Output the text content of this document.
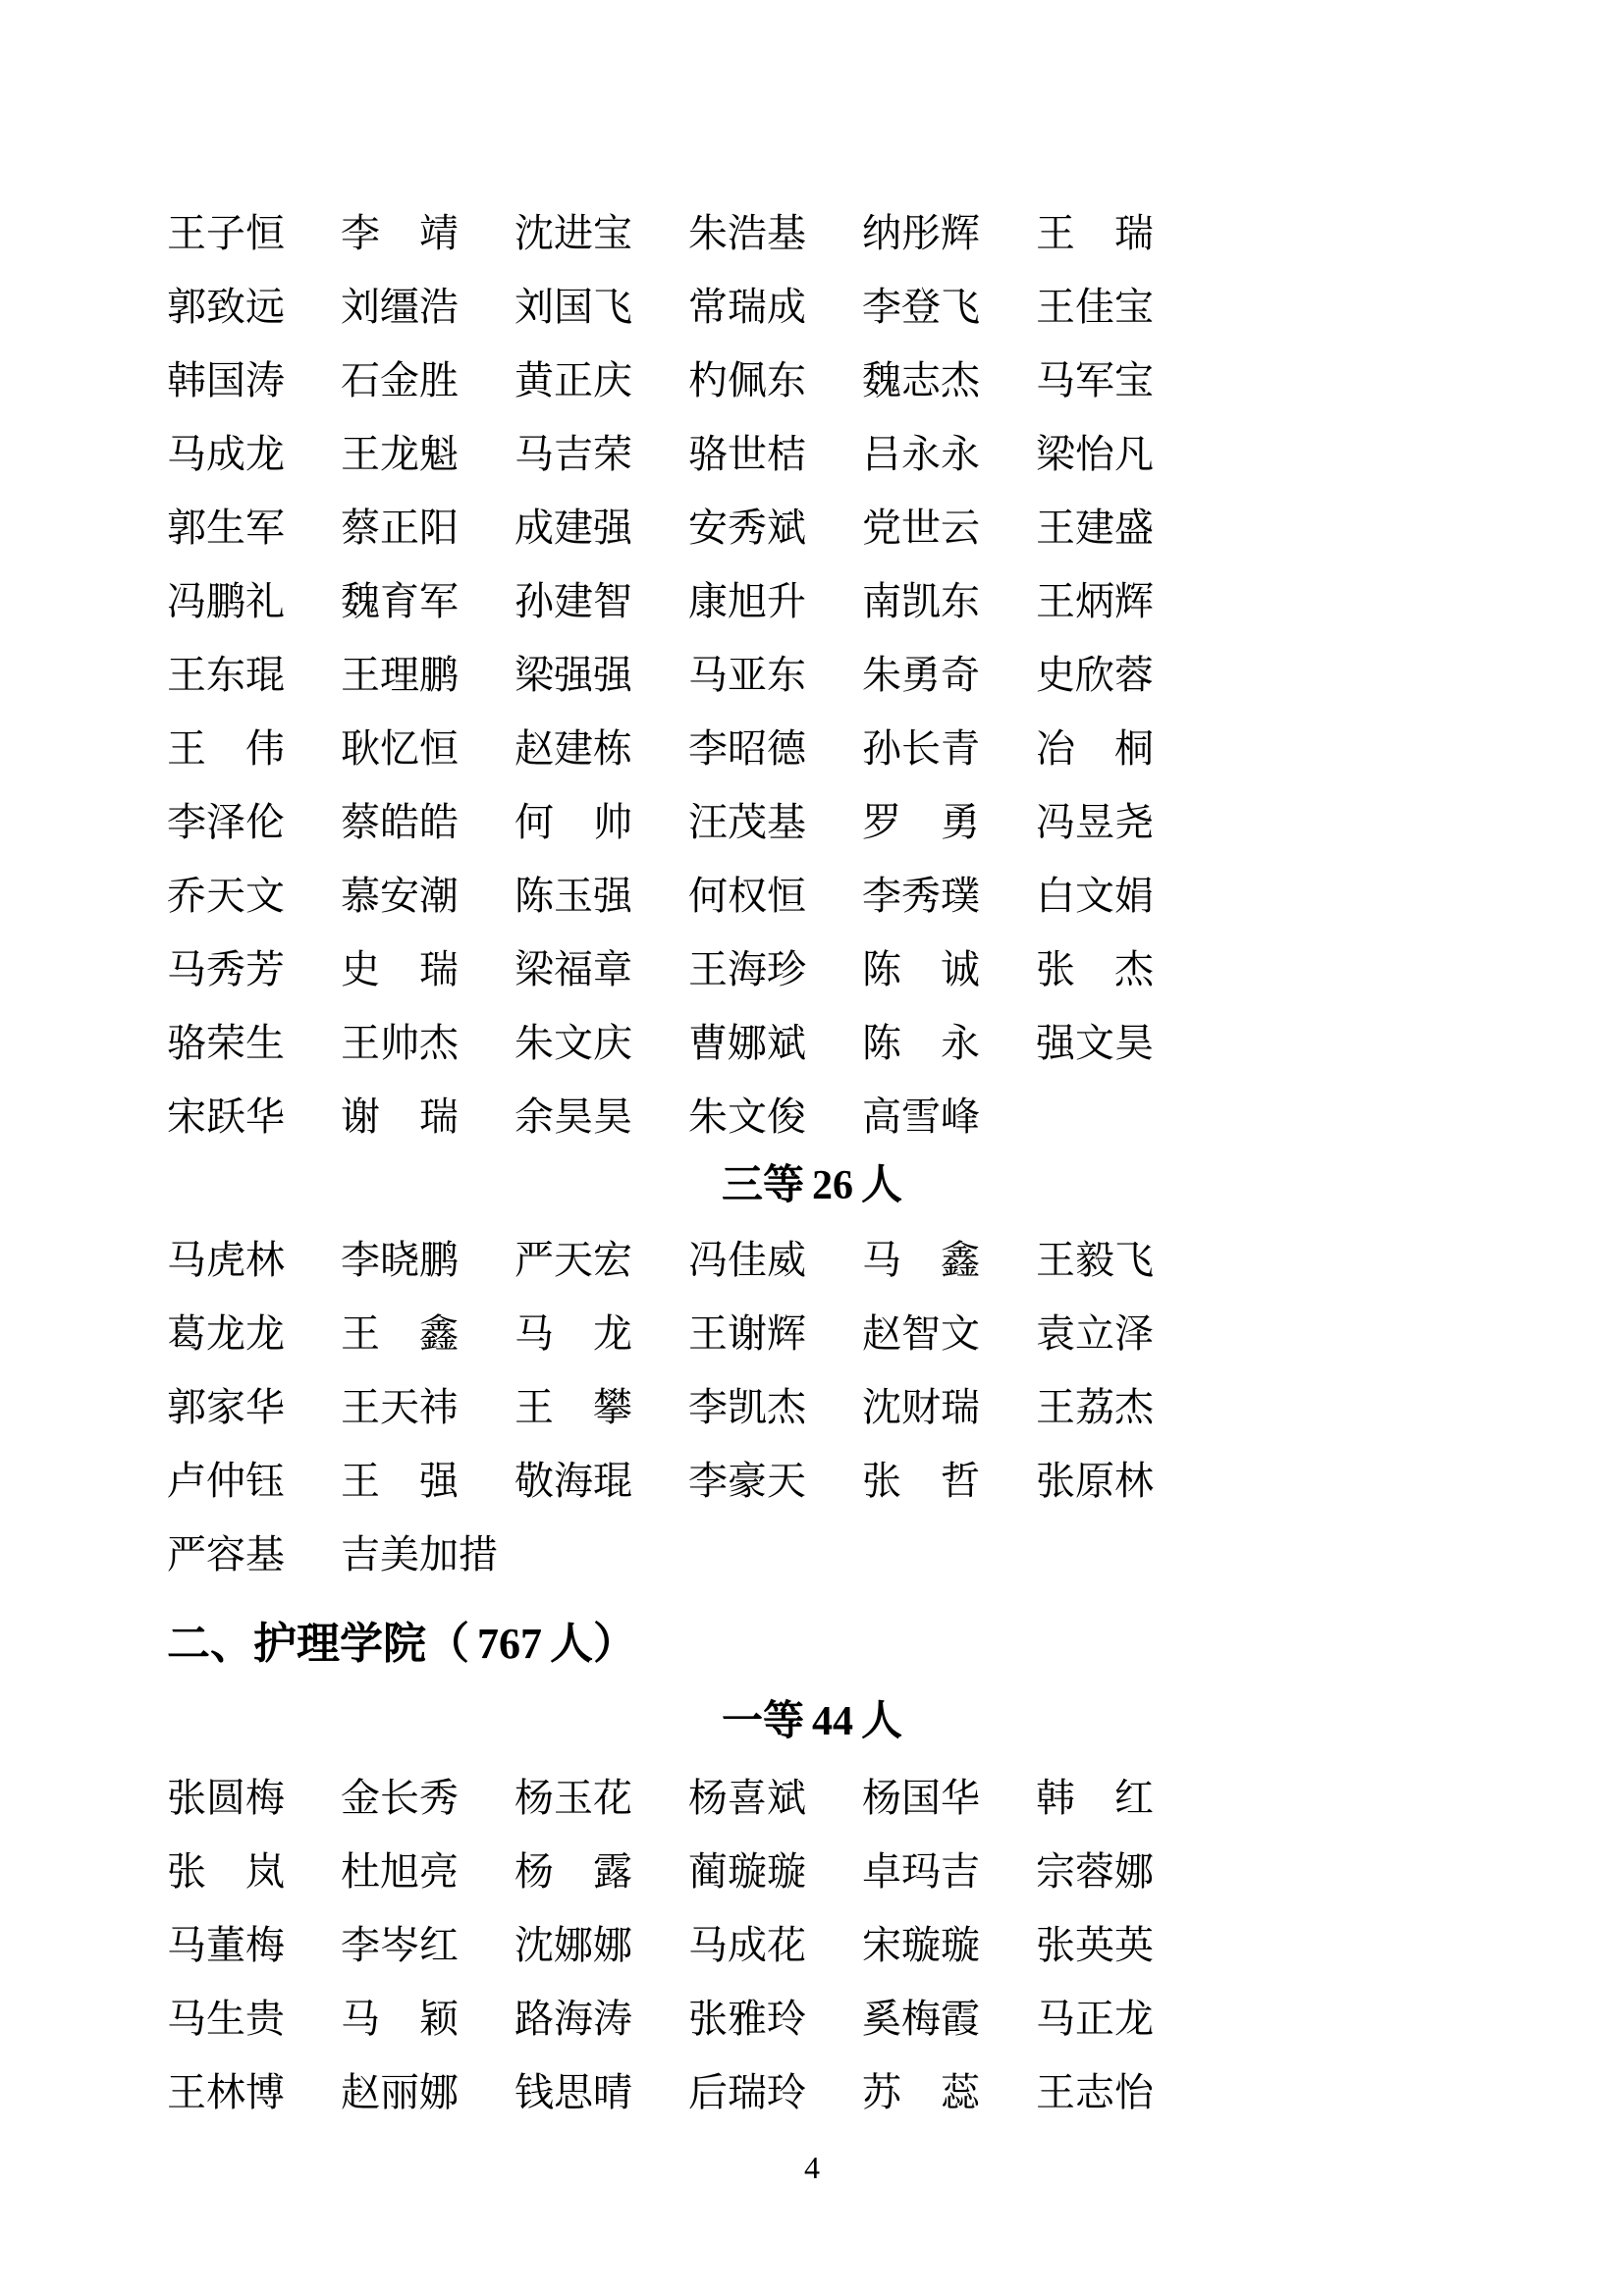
王子恒 李靖 沈进宝 朱浩基 纳彤辉 王瑞
郭致远 刘缰浩 刘国飞 常瑞成 李登飞 王佳宝
韩国涛 石金胜 黄正庆 杓佩东 魏志杰 马军宝
马成龙 王龙魁 马吉荣 骆世桔 吕永永 梁怡凡
郭生军 蔡正阳 成建强 安秀斌 党世云 王建盛
冯鹏礼 魏育军 孙建智 康旭升 南凯东 王炳辉
王东琨 王理鹏 梁强强 马亚东 朱勇奇 史欣蓉
王伟 耿忆恒 赵建栋 李昭德 孙长青 冶桐
李泽伦 蔡皓皓 何帅 汪茂基 罗勇 冯昱尧
乔天文 慕安潮 陈玉强 何权恒 李秀璞 白文娟
马秀芳 史瑞 梁福章 王海珍 陈诚 张杰
骆荣生 王帅杰 朱文庆 曹娜斌 陈永 强文昊
宋跃华 谢瑞 余昊昊 朱文俊 高雪峰
三等 26 人
马虎林 李晓鹏 严天宏 冯佳威 马鑫 王毅飞
葛龙龙 王鑫 马龙 王谢辉 赵智文 袁立泽
郭家华 王天祎 王攀 李凯杰 沈财瑞 王荔杰
卢仲钰 王强 敬海琨 李豪天 张哲 张原林
严容基 吉美加措
二、护理学院（ 767 人）
一等 44 人
张圆梅 金长秀 杨玉花 杨喜斌 杨国华 韩红
张岚 杜旭亮 杨露 蔺璇璇 卓玛吉 宗蓉娜
马董梅 李岑红 沈娜娜 马成花 宋璇璇 张英英
马生贵 马颖 路海涛 张雅玲 奚梅霞 马正龙
王林博 赵丽娜 钱思晴 后瑞玲 苏蕊 王志怡
4
